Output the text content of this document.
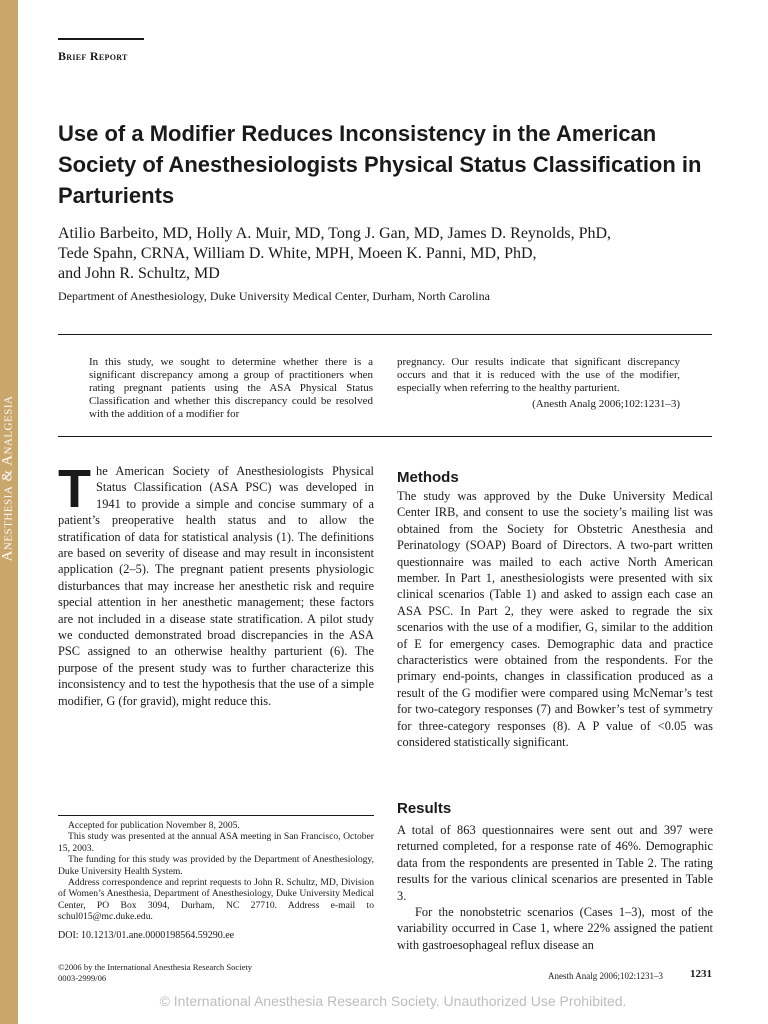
Anesthesia & Analgesia
Brief Report
Use of a Modifier Reduces Inconsistency in the American Society of Anesthesiologists Physical Status Classification in Parturients
Atilio Barbeito, MD, Holly A. Muir, MD, Tong J. Gan, MD, James D. Reynolds, PhD,
Tede Spahn, CRNA, William D. White, MPH, Moeen K. Panni, MD, PhD,
and John R. Schultz, MD
Department of Anesthesiology, Duke University Medical Center, Durham, North Carolina
In this study, we sought to determine whether there is a significant discrepancy among a group of practitioners when rating pregnant patients using the ASA Physical Status Classification and whether this discrepancy could be resolved with the addition of a modifier for
pregnancy. Our results indicate that significant discrepancy occurs and that it is reduced with the use of the modifier, especially when referring to the healthy parturient.
(Anesth Analg 2006;102:1231–3)
The American Society of Anesthesiologists Physical Status Classification (ASA PSC) was developed in 1941 to provide a simple and concise summary of a patient’s preoperative health status and to allow the stratification of data for statistical analysis (1). The definitions are based on severity of disease and may result in inconsistent application (2–5). The pregnant patient presents physiologic disturbances that may increase her anesthetic risk and require special attention in her anesthetic management; these factors are not included in a disease state stratification. A pilot study we conducted demonstrated broad discrepancies in the ASA PSC assigned to an otherwise healthy parturient (6). The purpose of the present study was to further characterize this inconsistency and to test the hypothesis that the use of a simple modifier, G (for gravid), might reduce this.
Methods
The study was approved by the Duke University Medical Center IRB, and consent to use the society’s mailing list was obtained from the Society for Obstetric Anesthesia and Perinatology (SOAP) Board of Directors. A two-part written questionnaire was mailed to each active North American member. In Part 1, anesthesiologists were presented with six clinical scenarios (Table 1) and asked to assign each case an ASA PSC. In Part 2, they were asked to regrade the six scenarios with the use of a modifier, G, similar to the addition of E for emergency cases. Demographic data and practice characteristics were obtained from the respondents. For the primary end-points, changes in classification produced as a result of the G modifier were compared using McNemar’s test for two-category responses (7) and Bowker’s test of symmetry for three-category responses (8). A P value of <0.05 was considered statistically significant.
Results

A total of 863 questionnaires were sent out and 397 were returned completed, for a response rate of 46%. Demographic data from the respondents are presented in Table 2. The rating results for the various clinical scenarios are presented in Table 3.

For the nonobstetric scenarios (Cases 1–3), most of the variability occurred in Case 1, where 22% assigned the patient with gastroesophageal reflux disease an

Accepted for publication November 8, 2005.

This study was presented at the annual ASA meeting in San Francisco, October 15, 2003.

The funding for this study was provided by the Department of Anesthesiology, Duke University Health System.

Address correspondence and reprint requests to John R. Schultz, MD, Division of Women’s Anesthesia, Department of Anesthesiology, Duke University Medical Center, PO Box 3094, Durham, NC 27710. Address e-mail to schul015@mc.duke.edu.

DOI: 10.1213/01.ane.0000198564.59290.ee
©2006 by the International Anesthesia Research Society
0003-2999/06	Anesth Analg 2006;102:1231–3 1231
© International Anesthesia Research Society. Unauthorized Use Prohibited.
